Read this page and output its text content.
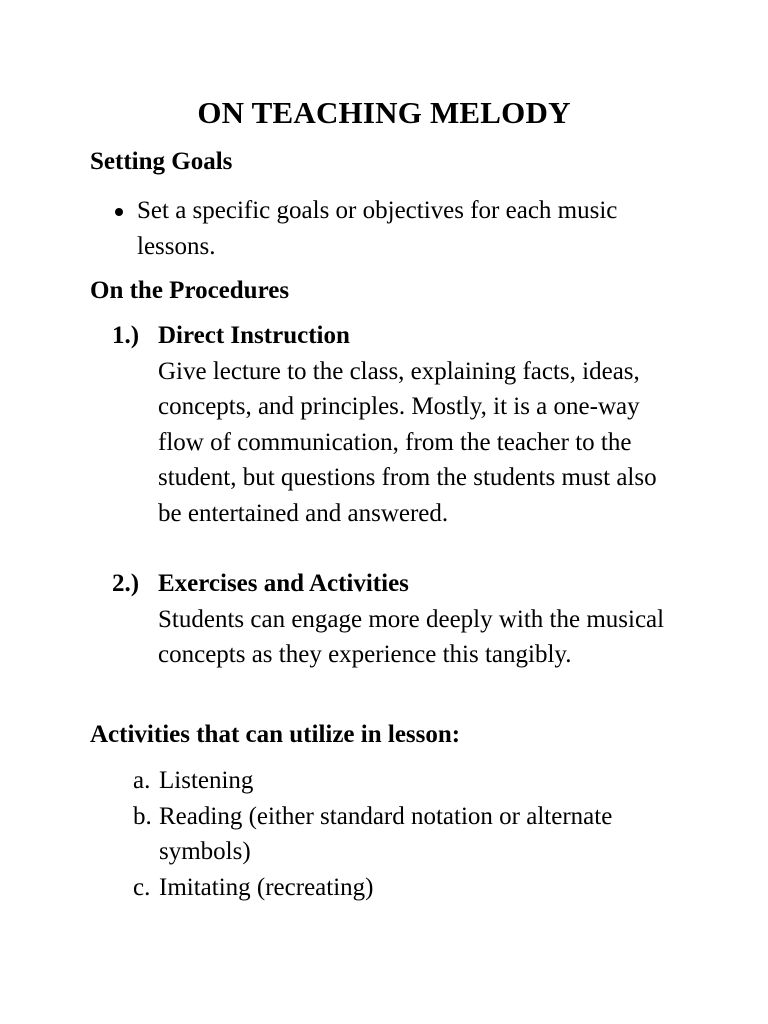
ON TEACHING MELODY
Setting Goals
Set a specific goals or objectives for each music lessons.
On the Procedures
1.) Direct Instruction
Give lecture to the class, explaining facts, ideas, concepts, and principles. Mostly, it is a one-way flow of communication, from the teacher to the student, but questions from the students must also be entertained and answered.
2.) Exercises and Activities
Students can engage more deeply with the musical concepts as they experience this tangibly.
Activities that can utilize in lesson:
a. Listening
b. Reading (either standard notation or alternate symbols)
c. Imitating (recreating)
